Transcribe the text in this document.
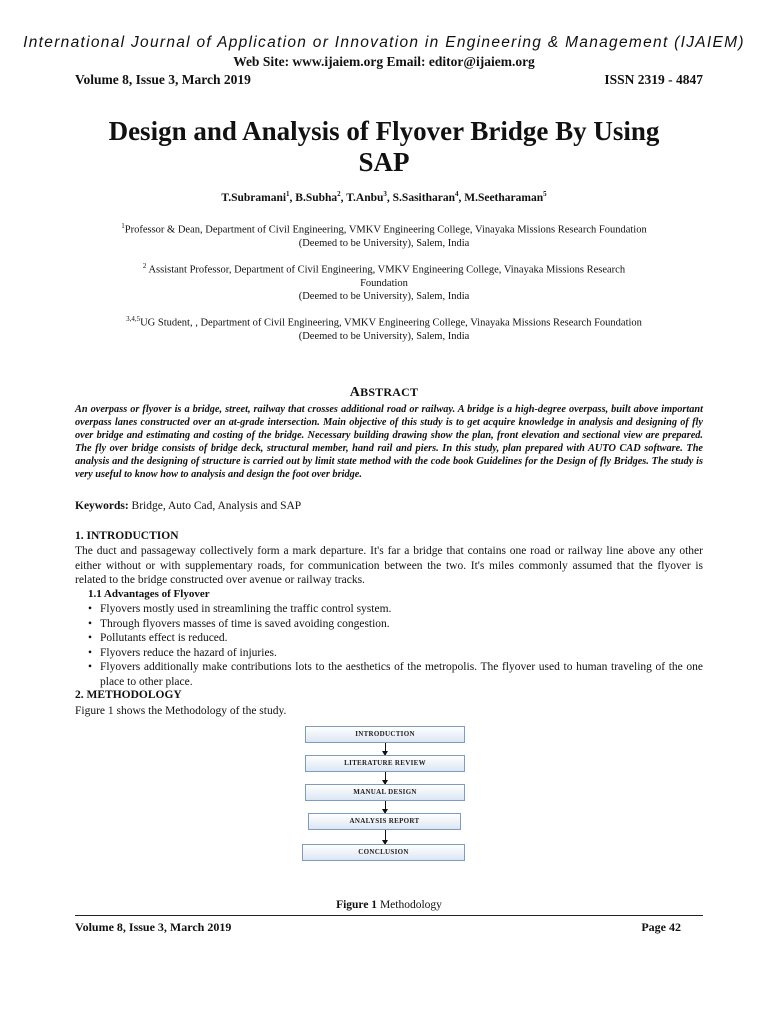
International Journal of Application or Innovation in Engineering & Management (IJAIEM)
Web Site: www.ijaiem.org Email: editor@ijaiem.org
Volume 8, Issue 3, March 2019	ISSN 2319 - 4847
Design and Analysis of Flyover Bridge By Using
SAP
T.Subramani$^1$, B.Subha$^2$, T.Anbu$^3$, S.Sasitharan$^4$, M.Seetharaman$^5$
$^1$Professor & Dean, Department of Civil Engineering, VMKV Engineering College, Vinayaka Missions Research Foundation
(Deemed to be University), Salem, India
$^2$ Assistant Professor, Department of Civil Engineering, VMKV Engineering College, Vinayaka Missions Research
Foundation
(Deemed to be University), Salem, India
$^{3,4,5}$UG Student, , Department of Civil Engineering, VMKV Engineering College, Vinayaka Missions Research Foundation
(Deemed to be University), Salem, India
ABSTRACT
An overpass or flyover is a bridge, street, railway that crosses additional road or railway. A bridge is a high-degree overpass, built above important overpass lanes constructed over an at-grade intersection. Main objective of this study is to get acquire knowledge in analysis and designing of fly over bridge and estimating and costing of the bridge. Necessary building drawing show the plan, front elevation and sectional view are prepared. The fly over bridge consists of bridge deck, structural member, hand rail and piers. In this study, plan prepared with AUTO CAD software. The analysis and the designing of structure is carried out by limit state method with the code book Guidelines for the Design of fly Bridges. The study is very useful to know how to analysis and design the foot over bridge.
Keywords: Bridge, Auto Cad, Analysis and SAP
1. INTRODUCTION
The duct and passageway collectively form a mark departure. It's far a bridge that contains one road or railway line above any other either without or with supplementary roads, for communication between the two. It's miles commonly assumed that the flyover is related to the bridge constructed over avenue or railway tracks.
1.1 Advantages of Flyover
• Flyovers mostly used in streamlining the traffic control system.
• Through flyovers masses of time is saved avoiding congestion.
• Pollutants effect is reduced.
• Flyovers reduce the hazard of injuries.
• Flyovers additionally make contributions lots to the aesthetics of the metropolis. The flyover used to human traveling of the one place to other place.
2. METHODOLOGY
Figure 1 shows the Methodology of the study.
INTRODUCTION
LITERATURE REVIEW
MANUAL DESIGN
ANALYSIS REPORT
CONCLUSION
Figure 1 Methodology
Volume 8, Issue 3, March 2019	Page 42
